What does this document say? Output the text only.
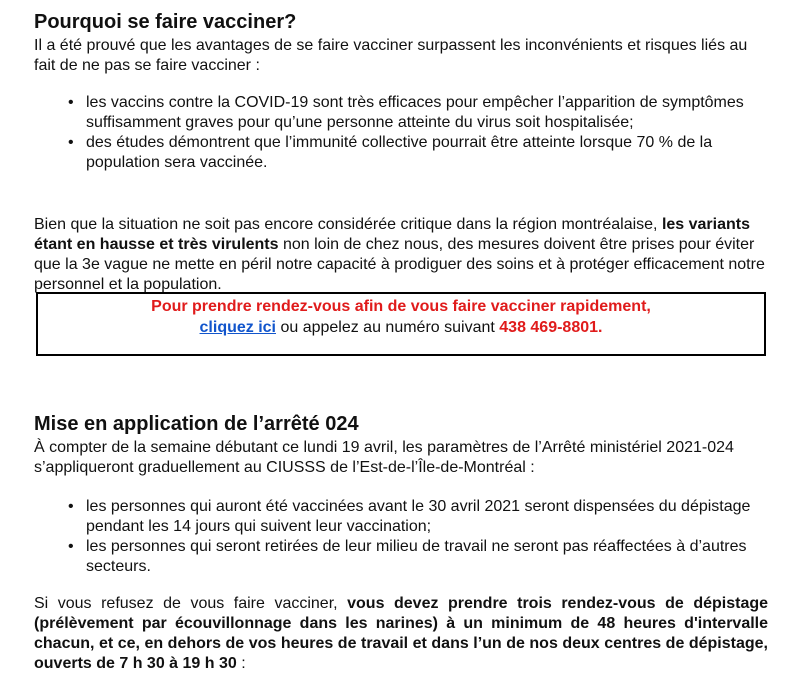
Pourquoi se faire vacciner?

Il a été prouvé que les avantages de se faire vacciner surpassent les inconvénients et risques liés au fait de ne pas se faire vacciner :

• les vaccins contre la COVID-19 sont très efficaces pour empêcher l’apparition de symptômes suffisamment graves pour qu’une personne atteinte du virus soit hospitalisée;
• des études démontrent que l’immunité collective pourrait être atteinte lorsque 70 % de la population sera vaccinée.

Bien que la situation ne soit pas encore considérée critique dans la région montréalaise, les variants étant en hausse et très virulents non loin de chez nous, des mesures doivent être prises pour éviter que la 3e vague ne mette en péril notre capacité à prodiguer des soins et à protéger efficacement notre personnel et la population.

Pour prendre rendez-vous afin de vous faire vacciner rapidement,
cliquez ici ou appelez au numéro suivant 438 469-8801.
Mise en application de l’arrêté 024

À compter de la semaine débutant ce lundi 19 avril, les paramètres de l’Arrêté ministériel 2021-024 s’appliqueront graduellement au CIUSSS de l’Est-de-l’Île-de-Montréal :

• les personnes qui auront été vaccinées avant le 30 avril 2021 seront dispensées du dépistage pendant les 14 jours qui suivent leur vaccination;
• les personnes qui seront retirées de leur milieu de travail ne seront pas réaffectées à d’autres secteurs.

Si vous refusez de vous faire vacciner, vous devez prendre trois rendez-vous de dépistage (prélèvement par écouvillonnage dans les narines) à un minimum de 48 heures d'intervalle chacun, et ce, en dehors de vos heures de travail et dans l’un de nos deux centres de dépistage, ouverts de 7 h 30 à 19 h 30 :
